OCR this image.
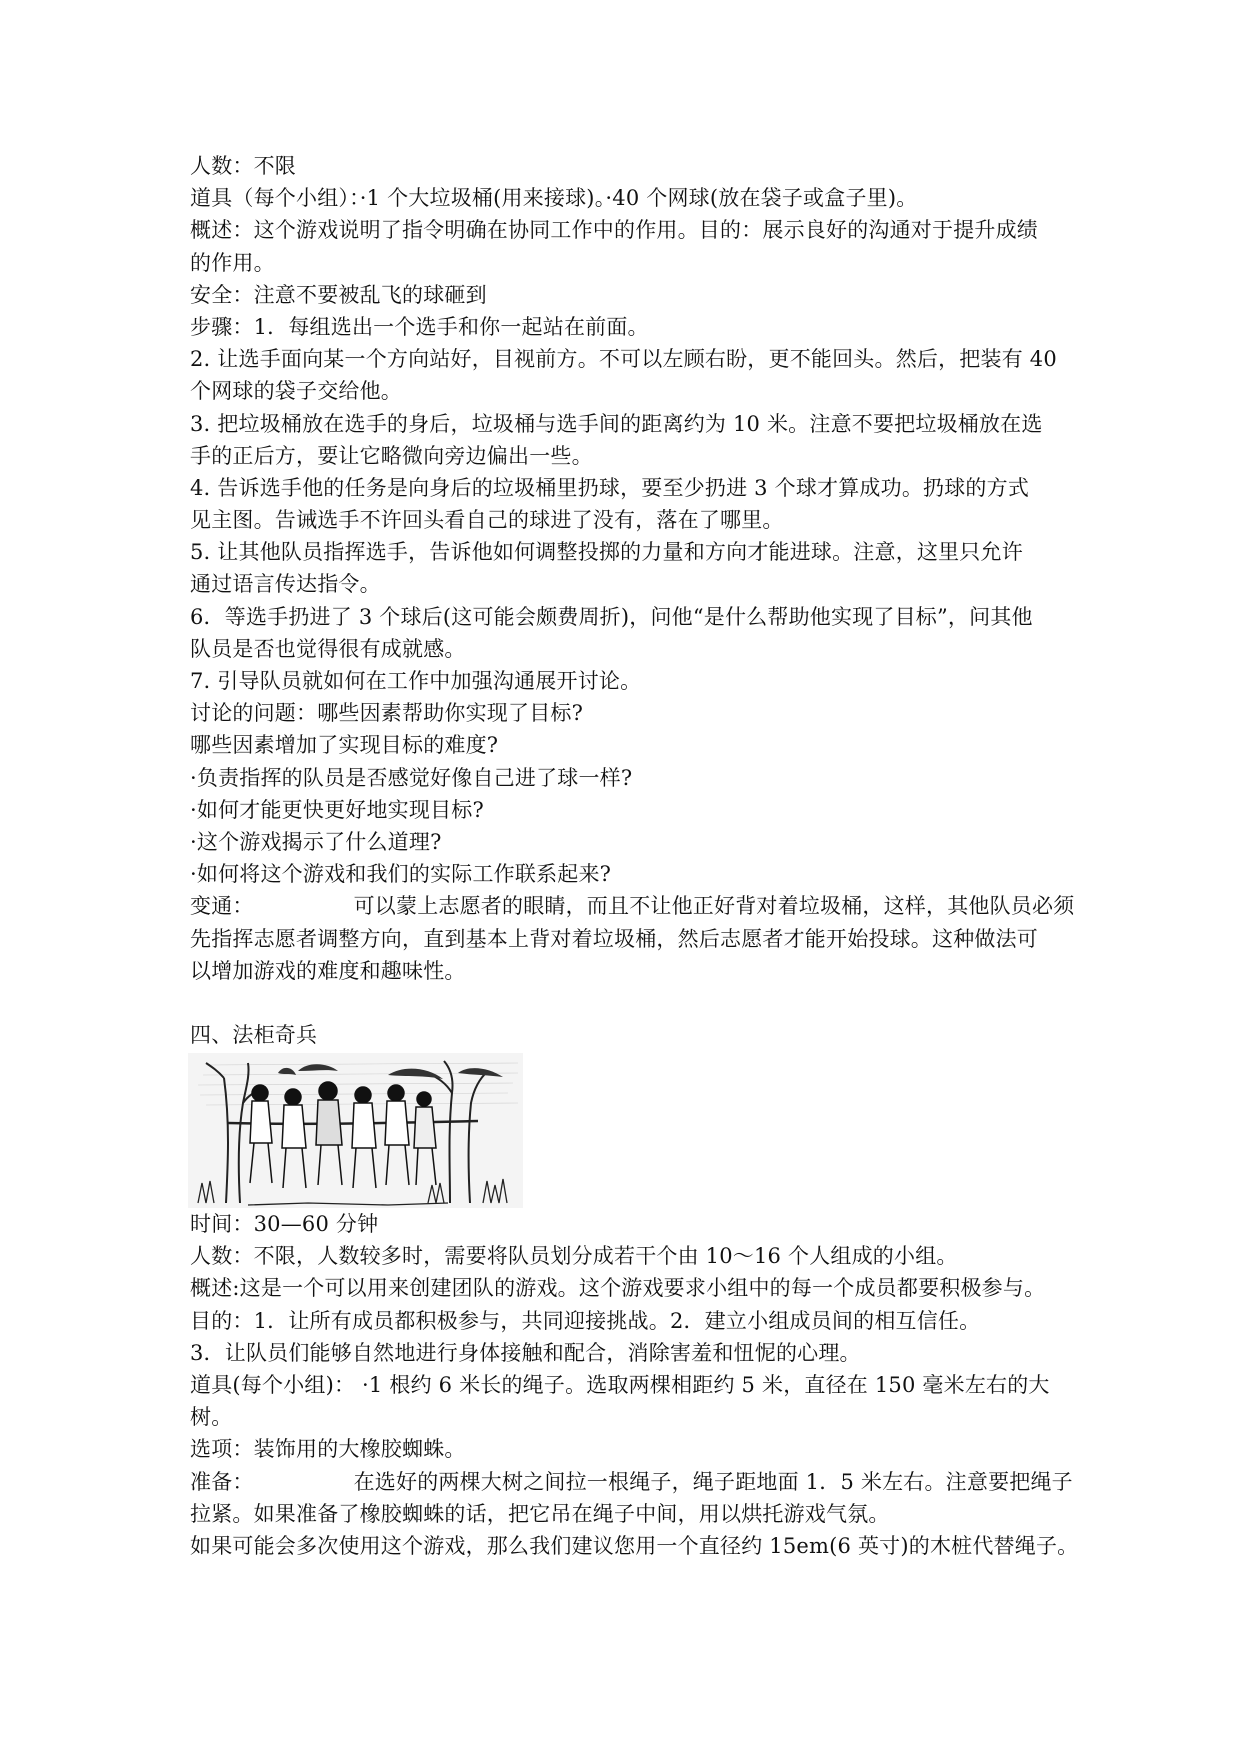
人数：不限
道具（每个小组）：·1 个大垃圾桶(用来接球)。·40 个网球(放在袋子或盒子里)。
概述：这个游戏说明了指令明确在协同工作中的作用。目的：展示良好的沟通对于提升成绩
的作用。
安全：注意不要被乱飞的球砸到
步骤：1．每组选出一个选手和你一起站在前面。
2. 让选手面向某一个方向站好，目视前方。不可以左顾右盼，更不能回头。然后，把装有 40
个网球的袋子交给他。
3. 把垃圾桶放在选手的身后，垃圾桶与选手间的距离约为 10 米。注意不要把垃圾桶放在选
手的正后方，要让它略微向旁边偏出一些。
4. 告诉选手他的任务是向身后的垃圾桶里扔球，要至少扔进 3 个球才算成功。扔球的方式
见主图。告诫选手不许回头看自己的球进了没有，落在了哪里。
5. 让其他队员指挥选手，告诉他如何调整投掷的力量和方向才能进球。注意，这里只允许
通过语言传达指令。
6．等选手扔进了 3 个球后(这可能会颇费周折)，问他“是什么帮助他实现了目标”，问其他
队员是否也觉得很有成就感。
7. 引导队员就如何在工作中加强沟通展开讨论。
讨论的问题：哪些因素帮助你实现了目标?
哪些因素增加了实现目标的难度?
·负责指挥的队员是否感觉好像自己进了球一样?
·如何才能更快更好地实现目标?
·这个游戏揭示了什么道理?
·如何将这个游戏和我们的实际工作联系起来?
变通：	可以蒙上志愿者的眼睛，而且不让他正好背对着垃圾桶，这样，其他队员必须
先指挥志愿者调整方向，直到基本上背对着垃圾桶，然后志愿者才能开始投球。这种做法可
以增加游戏的难度和趣味性。
四、法柜奇兵
时间：30—60 分钟
人数：不限，人数较多时，需要将队员划分成若干个由 10～16 个人组成的小组。
概述:这是一个可以用来创建团队的游戏。这个游戏要求小组中的每一个成员都要积极参与。
目的：1．让所有成员都积极参与，共同迎接挑战。2．建立小组成员间的相互信任。
3．让队员们能够自然地进行身体接触和配合，消除害羞和忸怩的心理。
道具(每个小组)： ·1 根约 6 米长的绳子。选取两棵相距约 5 米，直径在 150 毫米左右的大
树。
选项：装饰用的大橡胶蜘蛛。
准备：	在选好的两棵大树之间拉一根绳子，绳子距地面 1．5 米左右。注意要把绳子
拉紧。如果准备了橡胶蜘蛛的话，把它吊在绳子中间，用以烘托游戏气氛。
如果可能会多次使用这个游戏，那么我们建议您用一个直径约 15em(6 英寸)的木桩代替绳子。
